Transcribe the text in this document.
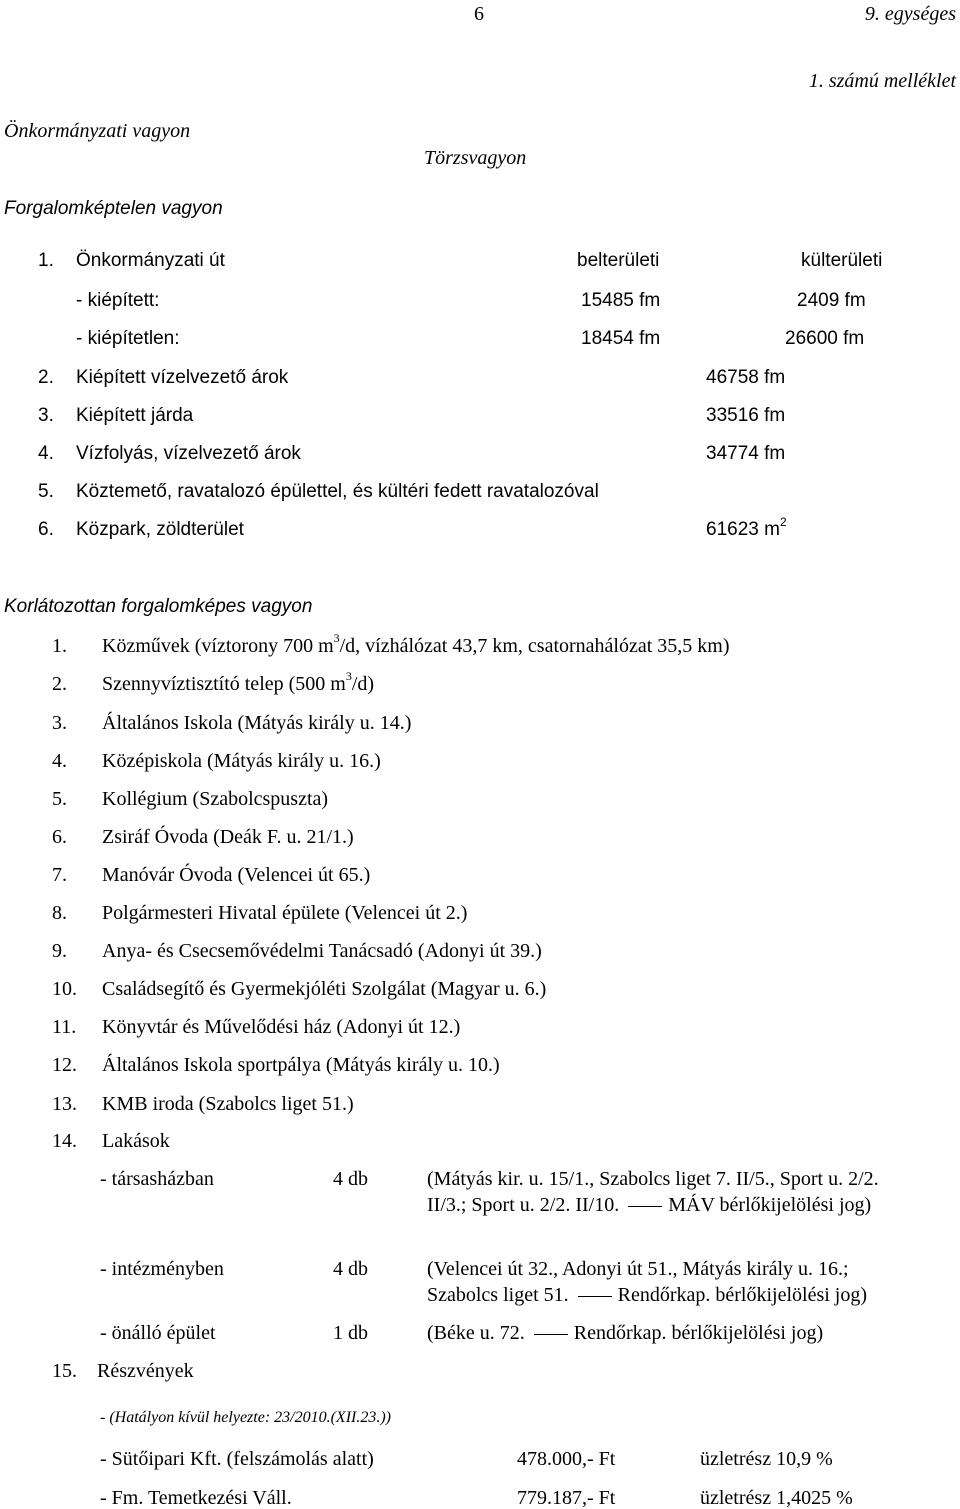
6	9. egységes
1. számú melléklet
Önkormányzati vagyon
Törzsvagyon
Forgalomképtelen vagyon
1. Önkormányzati út	belterületi	külterületi
- kiépített:	15485 fm	2409 fm
- kiépítetlen:	18454 fm	26600 fm
2. Kiépített vízelvezető árok	46758 fm
3. Kiépített járda	33516 fm
4. Vízfolyás, vízelvezető árok	34774 fm
5. Köztemető, ravatalozó épülettel, és kültéri fedett ravatalozóval
6. Közpark, zöldterület	61623 $m^2$
Korlátozottan forgalomképes vagyon
1. Közművek (víztorony 700 $m^3/d$, vízhálózat 43,7 km, csatornahálózat 35,5 km)
2. Szennyvíztisztító telep (500 $m^3/d$)
3. Általános Iskola (Mátyás király u. 14.)
4. Középiskola (Mátyás király u. 16.)
5. Kollégium (Szabolcspuszta)
6. Zsiráf Óvoda (Deák F. u. 21/1.)
7. Manóvár Óvoda (Velencei út 65.)
8. Polgármesteri Hivatal épülete (Velencei út 2.)
9. Anya- és Csecsemővédelmi Tanácsadó (Adonyi út 39.)
10. Családsegítő és Gyermekjóléti Szolgálat (Magyar u. 6.)
11. Könyvtár és Művelődési ház (Adonyi út 12.)
12. Általános Iskola sportpálya (Mátyás király u. 10.)
13. KMB iroda (Szabolcs liget 51.)
14. Lakások
- társasházban	4 db	(Mátyás kir. u. 15/1., Szabolcs liget 7. II/5., Sport u. 2/2. II/3.; Sport u. 2/2. II/10. MÁV bérlőkijelölési jog)
- intézményben	4 db	(Velencei út 32., Adonyi út 51., Mátyás király u. 16.; Szabolcs liget 51. Rendőrkap. bérlőkijelölési jog)
- önálló épület	1 db	(Béke u. 72. Rendőrkap. bérlőkijelölési jog)
15. Részvények
- (Hatályon kívül helyezte: 23/2010.(XII.23.))
- Sütőipari Kft. (felszámolás alatt)	478.000,- Ft	üzletrész 10,9 %
- Fm. Temetkezési Váll.	779.187,- Ft	üzletrész 1,4025 %
